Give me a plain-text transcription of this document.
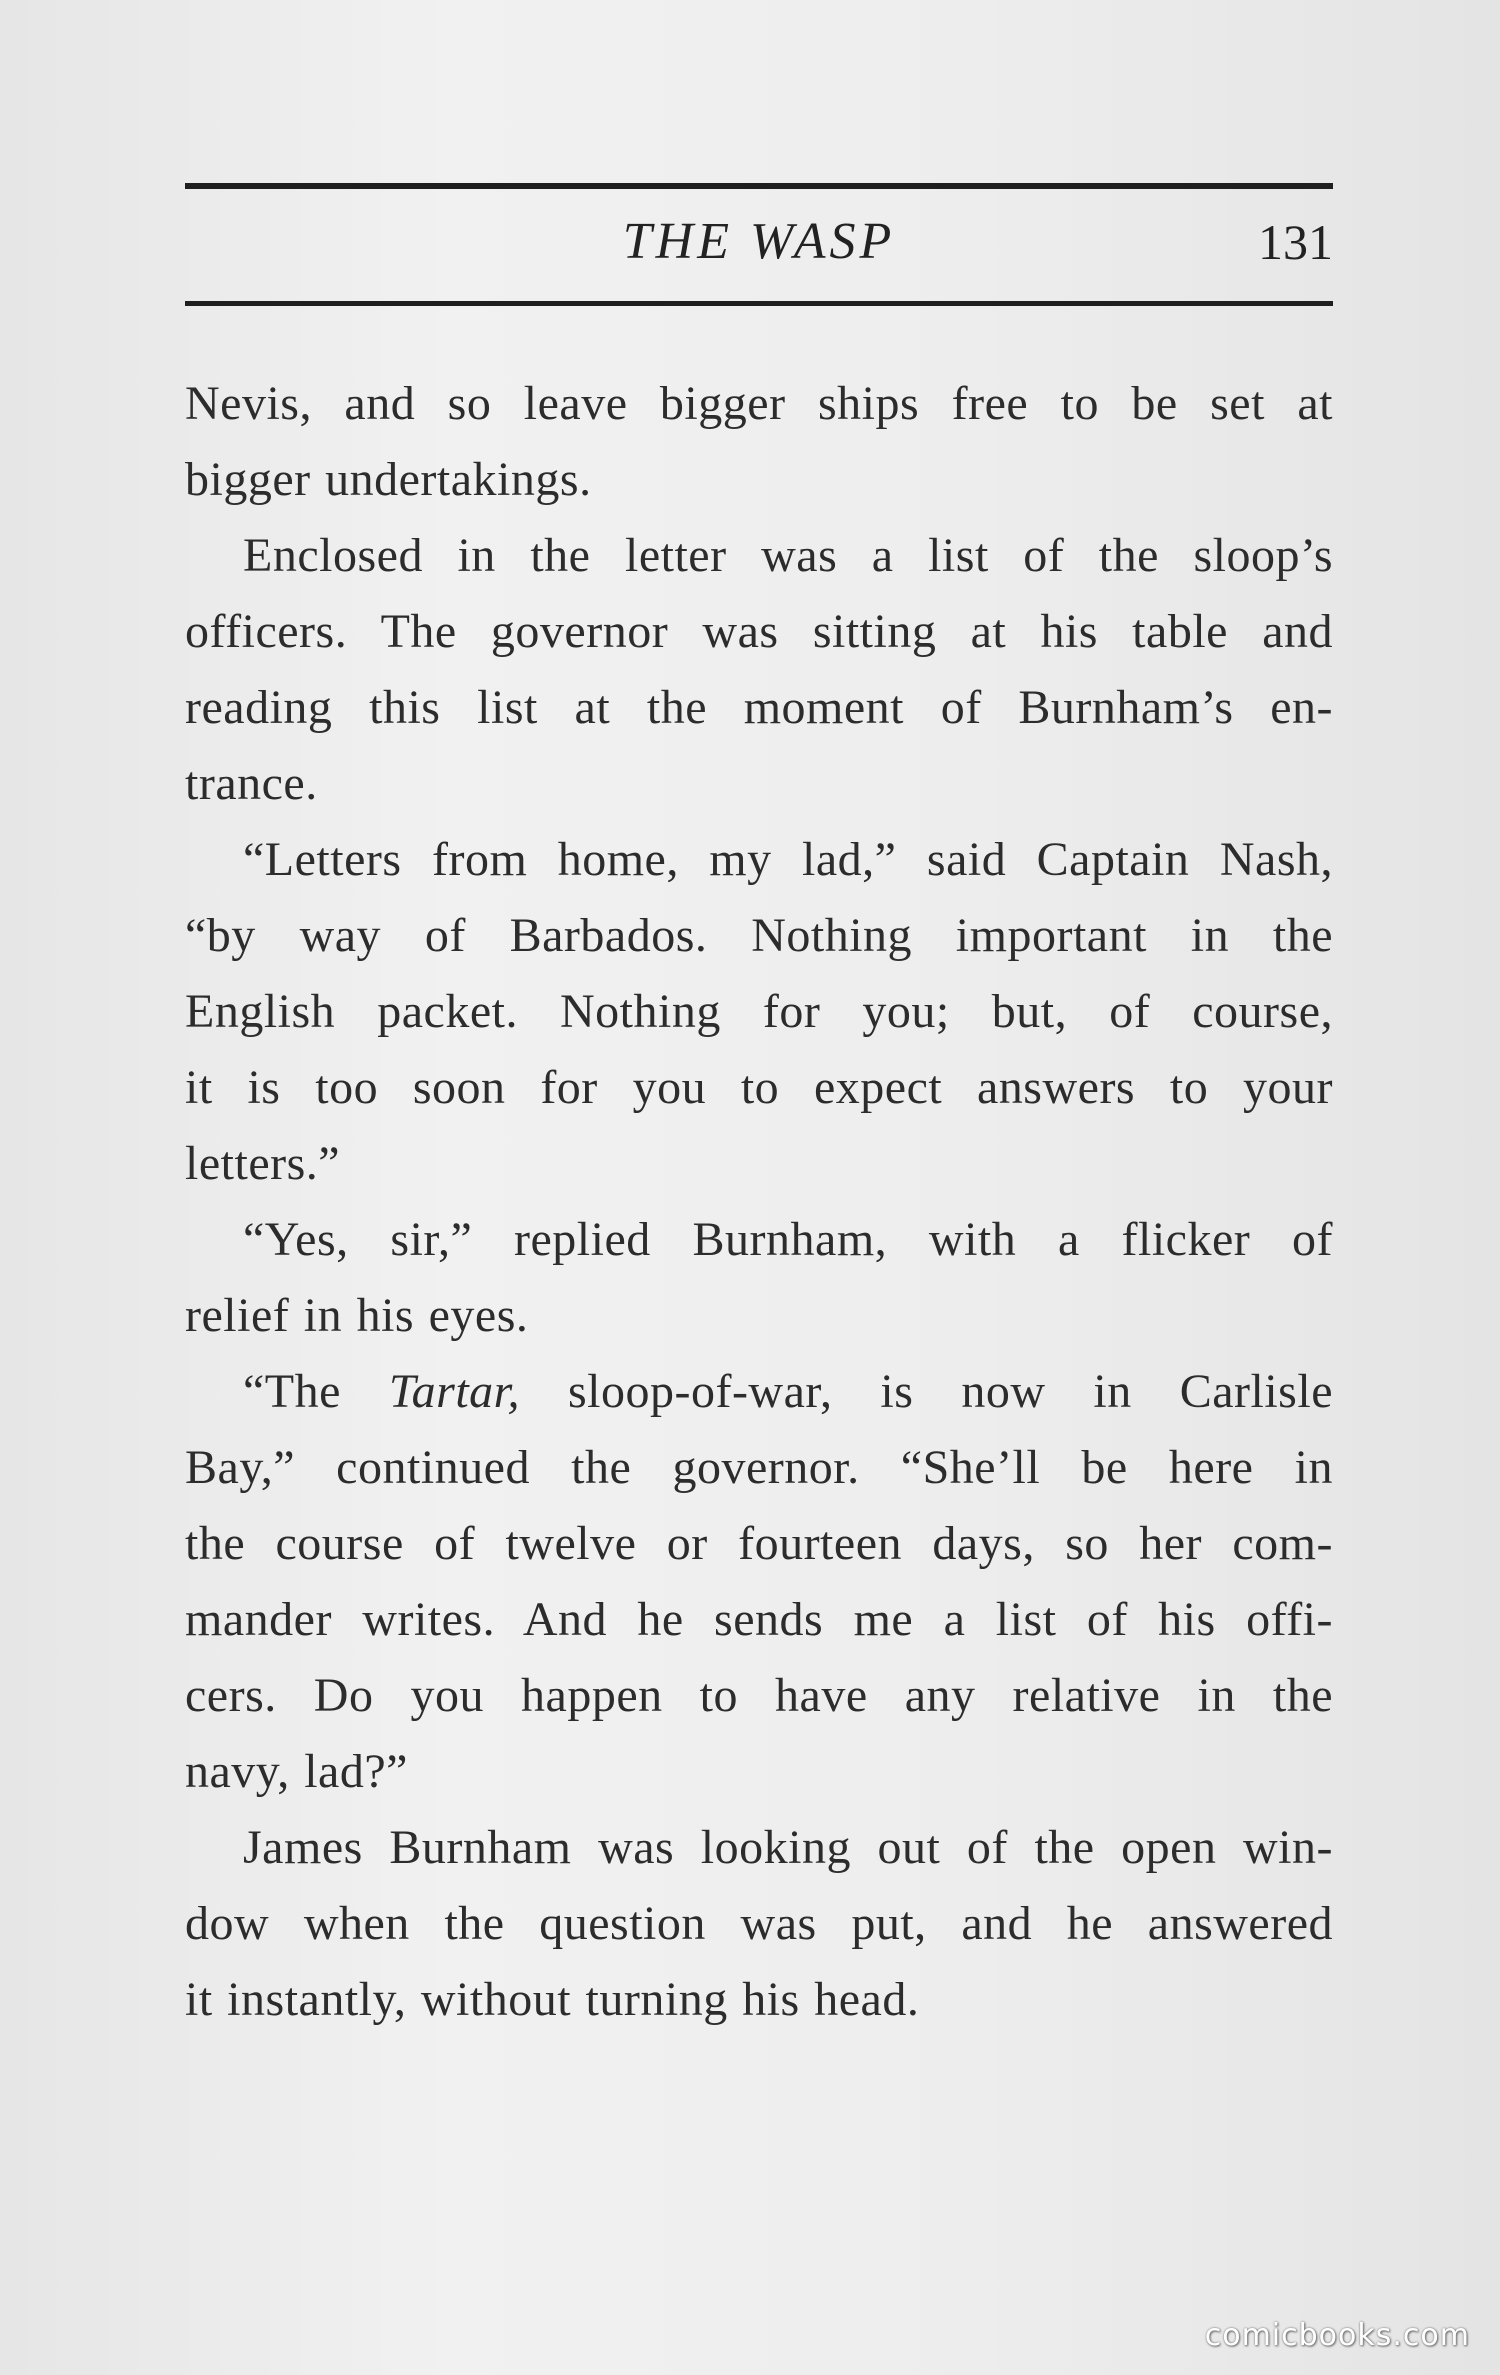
THE WASP	131
Nevis, and so leave bigger ships free to be set at
bigger undertakings.
Enclosed in the letter was a list of the sloop’s
officers. The governor was sitting at his table and
reading this list at the moment of Burnham’s en-
trance.
“Letters from home, my lad,” said Captain Nash,
“by way of Barbados. Nothing important in the
English packet. Nothing for you; but, of course,
it is too soon for you to expect answers to your
letters.”
“Yes, sir,” replied Burnham, with a flicker of
relief in his eyes.
“The Tartar, sloop-of-war, is now in Carlisle
Bay,” continued the governor. “She’ll be here in
the course of twelve or fourteen days, so her com-
mander writes. And he sends me a list of his offi-
cers. Do you happen to have any relative in the
navy, lad?”
James Burnham was looking out of the open win-
dow when the question was put, and he answered
it instantly, without turning his head.
comicbooks.com
